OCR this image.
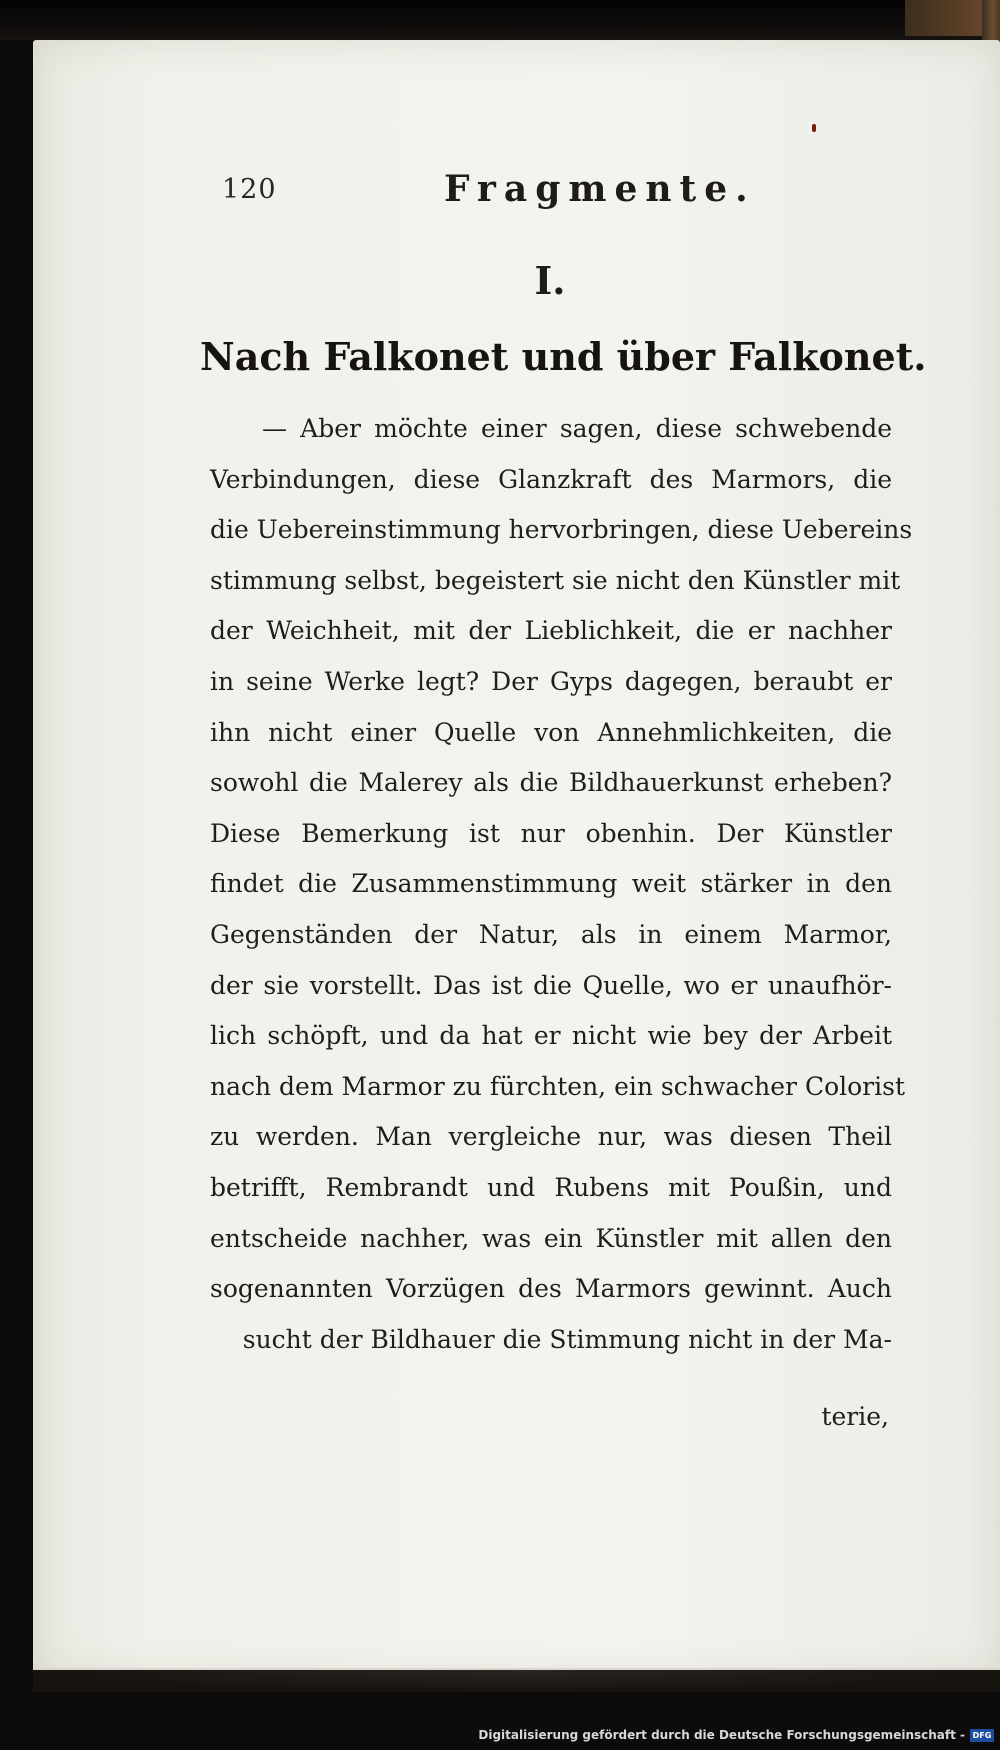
120	Fragmente.
I.
Nach Falkonet und über Falkonet.
— Aber möchte einer sagen, diese schwebende
Verbindungen, diese Glanzkraft des Marmors, die
die Uebereinstimmung hervorbringen, diese Uebereins
stimmung selbst, begeistert sie nicht den Künstler mit
der Weichheit, mit der Lieblichkeit, die er nachher
in seine Werke legt? Der Gyps dagegen, beraubt er
ihn nicht einer Quelle von Annehmlichkeiten, die
sowohl die Malerey als die Bildhauerkunst erheben?
Diese Bemerkung ist nur obenhin. Der Künstler
findet die Zusammenstimmung weit stärker in den
Gegenständen der Natur, als in einem Marmor,
der sie vorstellt. Das ist die Quelle, wo er unaufhör-
lich schöpft, und da hat er nicht wie bey der Arbeit
nach dem Marmor zu fürchten, ein schwacher Colorist
zu werden. Man vergleiche nur, was diesen Theil
betrifft, Rembrandt und Rubens mit Poußin, und
entscheide nachher, was ein Künstler mit allen den
sogenannten Vorzügen des Marmors gewinnt. Auch
sucht der Bildhauer die Stimmung nicht in der Ma-
terie,
Digitalisierung gefördert durch die Deutsche Forschungsgemeinschaft - DFG
